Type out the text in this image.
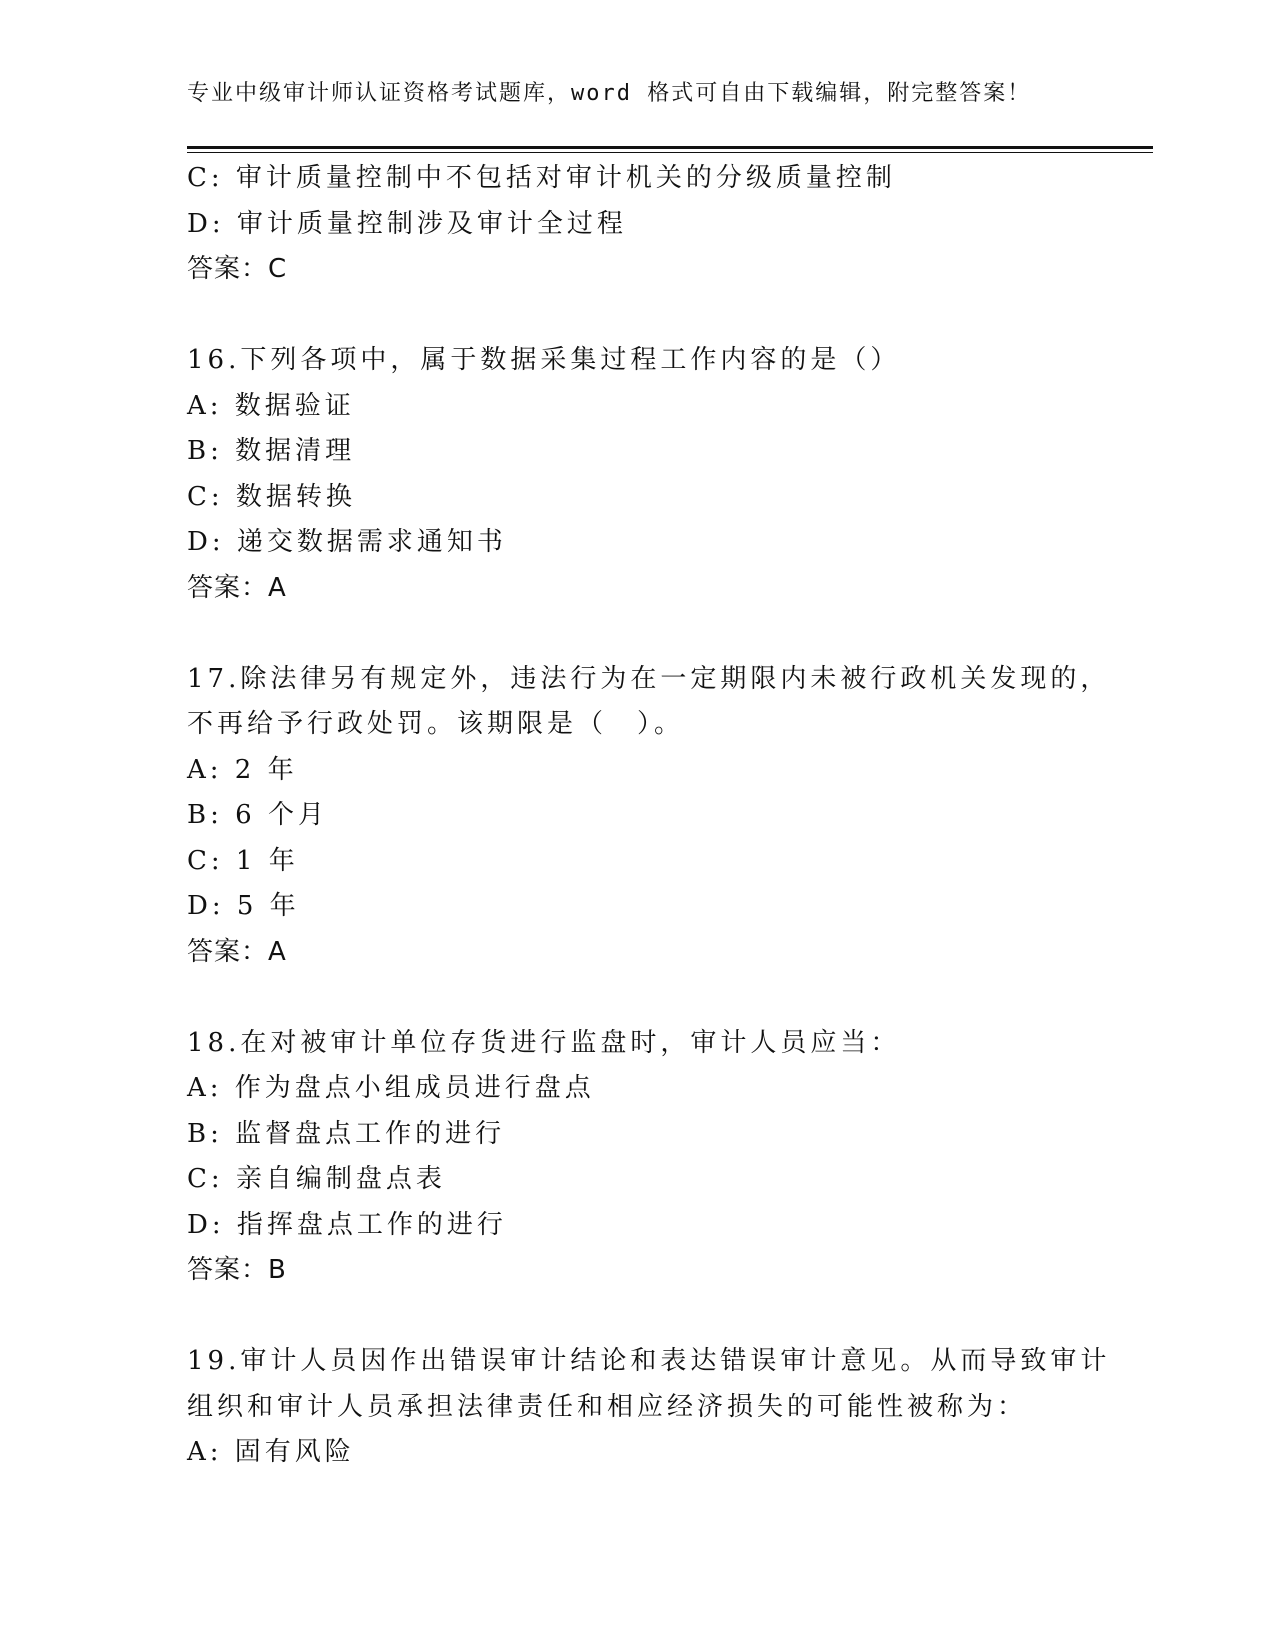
专业中级审计师认证资格考试题库，word 格式可自由下载编辑，附完整答案！
C: 审计质量控制中不包括对审计机关的分级质量控制
D: 审计质量控制涉及审计全过程
答案：C
16.下列各项中，属于数据采集过程工作内容的是（）
A: 数据验证
B: 数据清理
C: 数据转换
D: 递交数据需求通知书
答案：A
17.除法律另有规定外，违法行为在一定期限内未被行政机关发现的，
不再给予行政处罚。该期限是（　）。
A: 2 年
B: 6 个月
C: 1 年
D: 5 年
答案：A
18.在对被审计单位存货进行监盘时，审计人员应当：
A: 作为盘点小组成员进行盘点
B: 监督盘点工作的进行
C: 亲自编制盘点表
D: 指挥盘点工作的进行
答案：B
19.审计人员因作出错误审计结论和表达错误审计意见。从而导致审计
组织和审计人员承担法律责任和相应经济损失的可能性被称为：
A: 固有风险
